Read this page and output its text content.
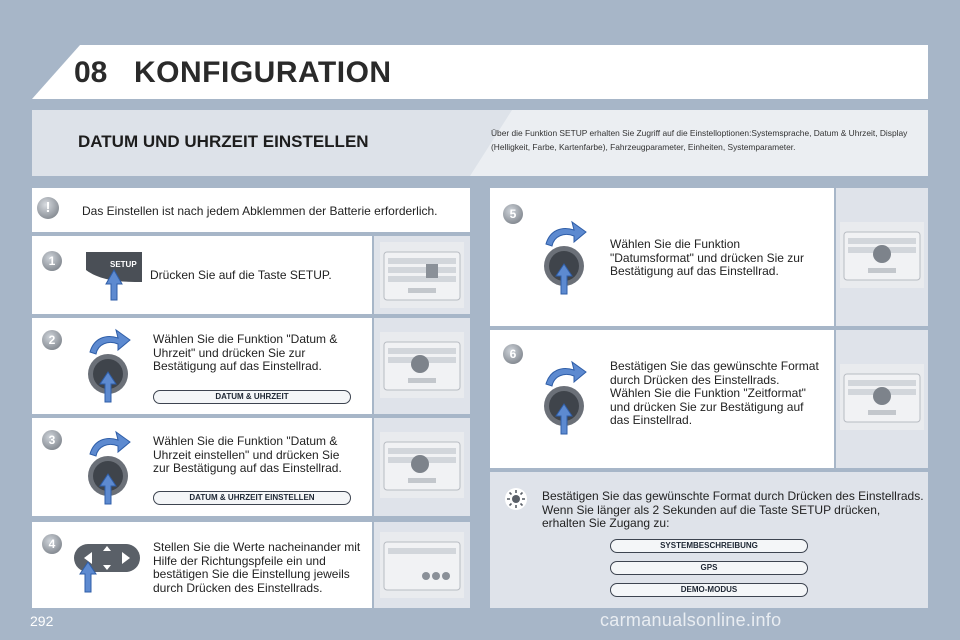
08 KONFIGURATION
DATUM UND UHRZEIT EINSTELLEN	Über die Funktion SETUP erhalten Sie Zugriff auf die Einstelloptionen:Systemsprache, Datum & Uhrzeit, Display (Helligkeit, Farbe, Kartenfarbe), Fahrzeugparameter, Einheiten, Systemparameter.
!	Das Einstellen ist nach jedem Abklemmen der Batterie erforderlich.
1	SETUP
Drücken Sie auf die Taste SETUP.
2	Wählen Sie die Funktion "Datum & Uhrzeit" und drücken Sie zur Bestätigung auf das Einstellrad.
DATUM & UHRZEIT
3	Wählen Sie die Funktion "Datum & Uhrzeit einstellen" und drücken Sie zur Bestätigung auf das Einstellrad.
DATUM & UHRZEIT EINSTELLEN
4	Stellen Sie die Werte nacheinander mit Hilfe der Richtungspfeile ein und bestätigen Sie die Einstellung jeweils durch Drücken des Einstellrads.
5
Wählen Sie die Funktion "Datumsformat" und drücken Sie zur Bestätigung auf das Einstellrad.
6
Bestätigen Sie das gewünschte Format durch Drücken des Einstellrads.
Wählen Sie die Funktion "Zeitformat" und drücken Sie zur Bestätigung auf das Einstellrad.
Bestätigen Sie das gewünschte Format durch Drücken des Einstellrads. Wenn Sie länger als 2 Sekunden auf die Taste SETUP drücken, erhalten Sie Zugang zu:
SYSTEMBESCHREIBUNG
GPS
DEMO-MODUS
292	carmanualsonline.info
